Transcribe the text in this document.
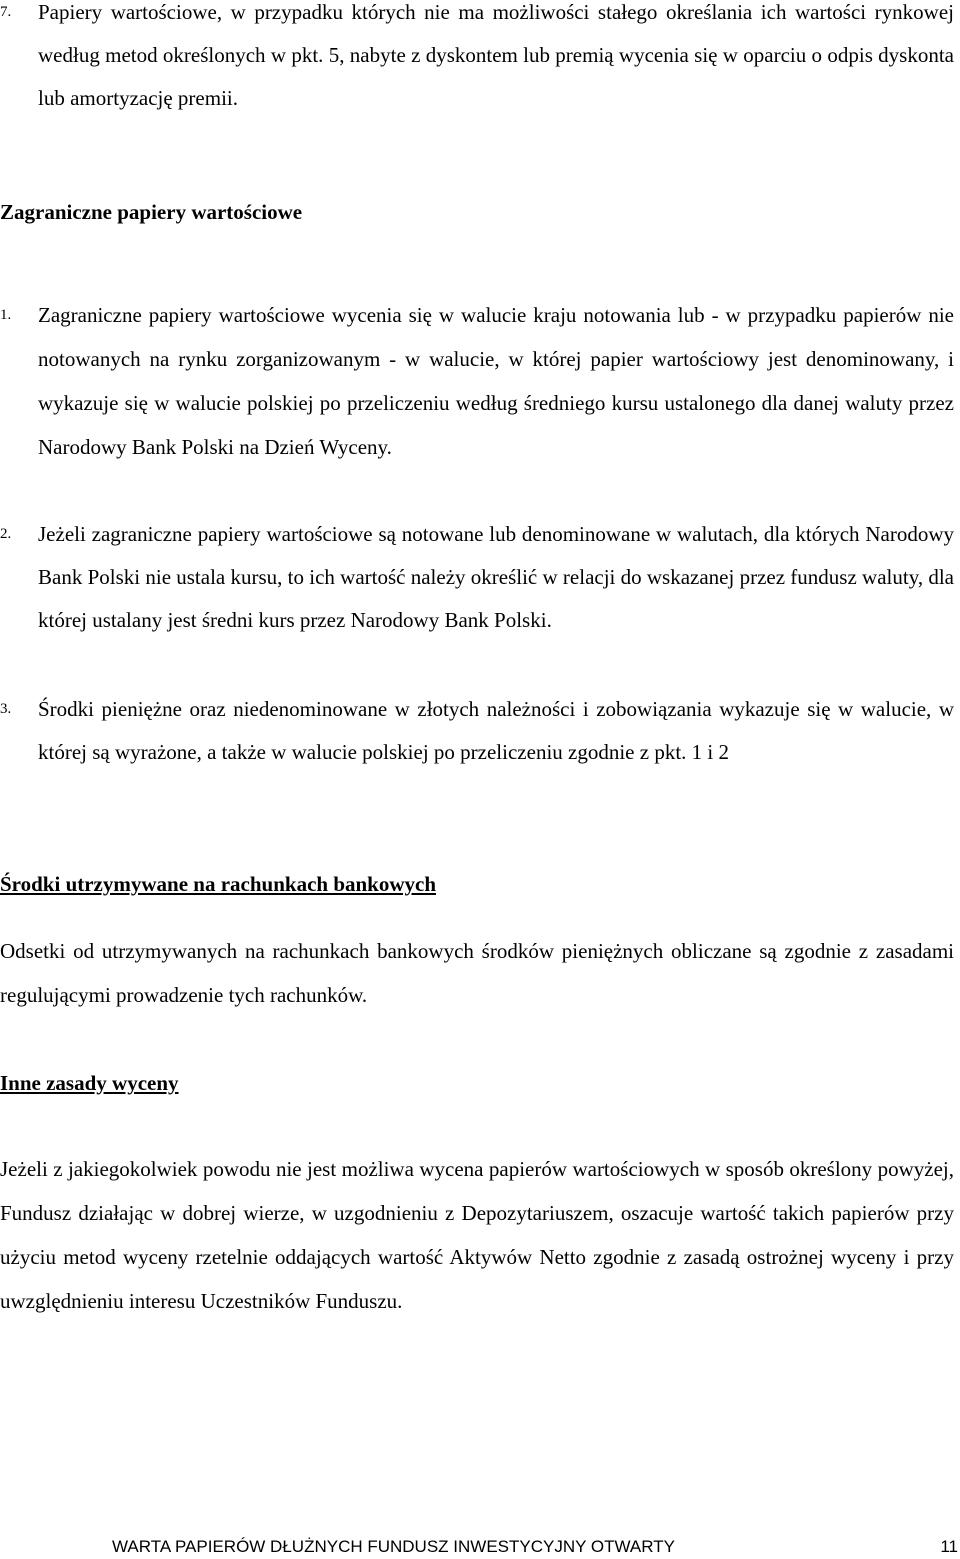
7. Papiery wartościowe, w przypadku których nie ma możliwości stałego określania ich wartości rynkowej według metod określonych w pkt. 5, nabyte z dyskontem lub premią wycenia się w oparciu o odpis dyskonta lub amortyzację premii.
Zagraniczne papiery wartościowe
1. Zagraniczne papiery wartościowe wycenia się w walucie kraju notowania lub - w przypadku papierów nie notowanych na rynku zorganizowanym - w walucie, w której papier wartościowy jest denominowany, i wykazuje się w walucie polskiej po przeliczeniu według średniego kursu ustalonego dla danej waluty przez Narodowy Bank Polski na Dzień Wyceny.
2. Jeżeli zagraniczne papiery wartościowe są notowane lub denominowane w walutach, dla których Narodowy Bank Polski nie ustala kursu, to ich wartość należy określić w relacji do wskazanej przez fundusz waluty, dla której ustalany jest średni kurs przez Narodowy Bank Polski.
3. Środki pieniężne oraz niedenominowane w złotych należności i zobowiązania wykazuje się w walucie, w której są wyrażone, a także w walucie polskiej po przeliczeniu zgodnie z pkt. 1 i 2
Środki utrzymywane na rachunkach bankowych
Odsetki od utrzymywanych na rachunkach bankowych środków pieniężnych obliczane są zgodnie z zasadami regulującymi prowadzenie tych rachunków.
Inne zasady wyceny
Jeżeli z jakiegokolwiek powodu nie jest możliwa wycena papierów wartościowych w sposób określony powyżej, Fundusz działając w dobrej wierze, w uzgodnieniu z Depozytariuszem, oszacuje wartość takich papierów przy użyciu metod wyceny rzetelnie oddających wartość Aktywów Netto zgodnie z zasadą ostrożnej wyceny i przy uwzględnieniu interesu Uczestników Funduszu.
WARTA PAPIERÓW DŁUŻNYCH FUNDUSZ INWESTYCYJNY OTWARTY	11
